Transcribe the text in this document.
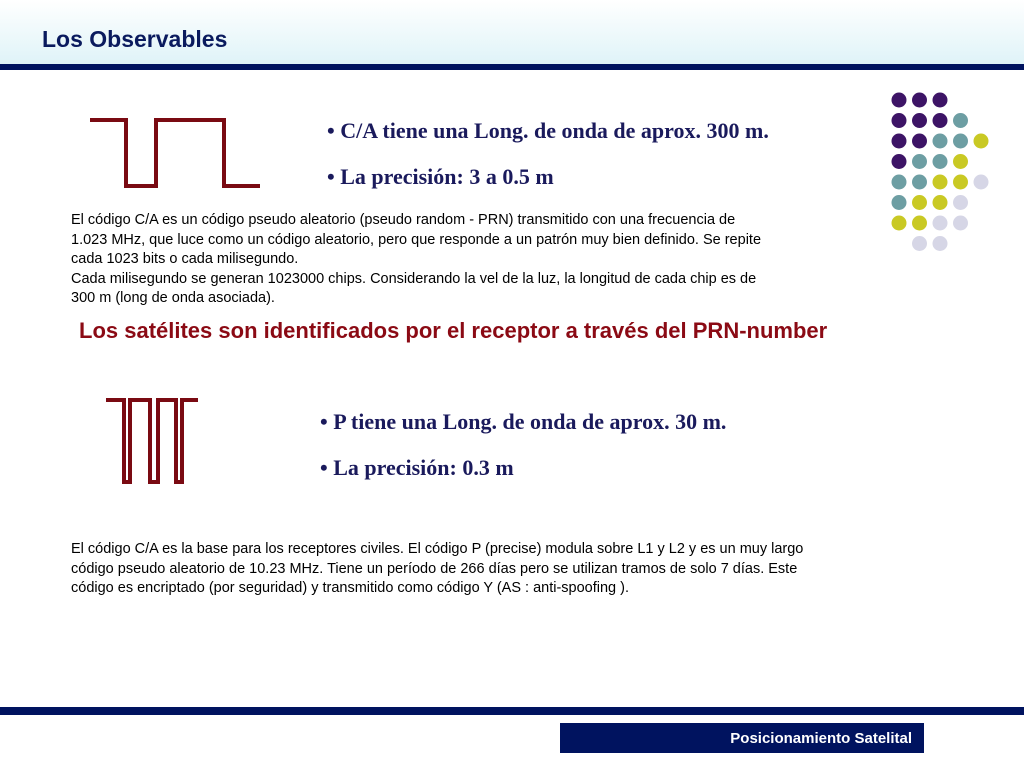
Los Observables
• C/A tiene una Long. de onda de aprox. 300 m.
• La precisión: 3 a 0.5 m

El código C/A es un código pseudo aleatorio (pseudo random - PRN) transmitido con una frecuencia de

1.023 MHz, que luce como un código aleatorio, pero que responde a un patrón muy bien definido. Se repite

cada 1023 bits o cada milisegundo.

Cada milisegundo se generan 1023000 chips. Considerando la vel de la luz, la longitud de cada chip es de

300 m (long de onda asociada).

Los satélites son identificados por el receptor a través del PRN-number
• P tiene una Long. de onda de aprox. 30 m.
• La precisión: 0.3 m

El código C/A es la base para los receptores civiles. El código P (precise) modula sobre L1 y L2 y es un muy largo

código pseudo aleatorio de 10.23 MHz. Tiene un período de 266 días pero se utilizan tramos de solo 7 días. Este

código es encriptado (por seguridad) y transmitido como código Y (AS : anti-spoofing ).

Posicionamiento Satelital
